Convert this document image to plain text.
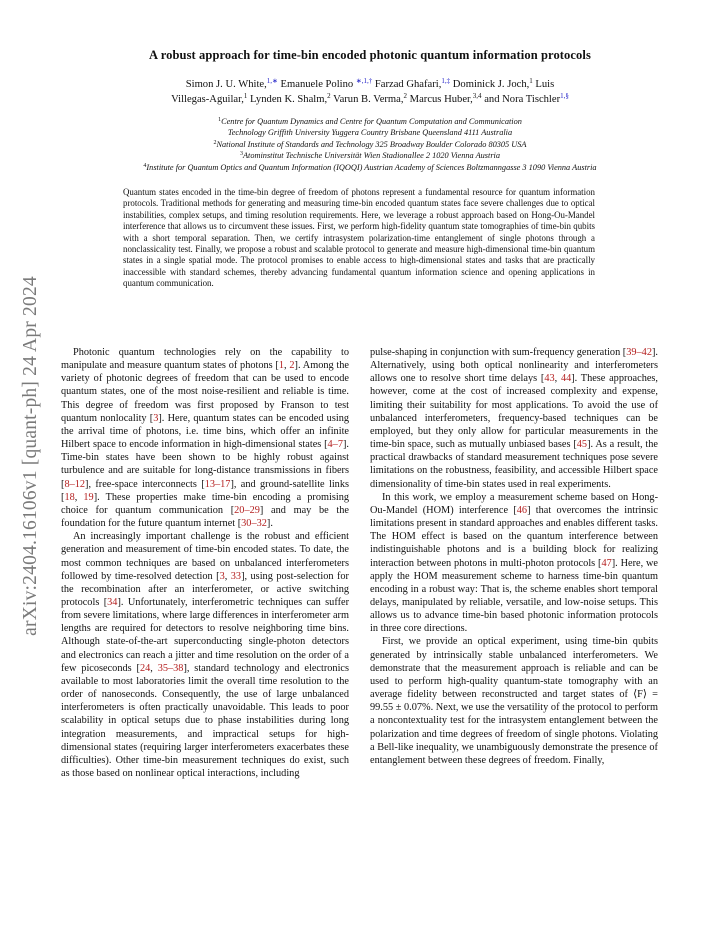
arXiv:2404.16106v1 [quant-ph] 24 Apr 2024
A robust approach for time-bin encoded photonic quantum information protocols
Simon J. U. White,$^{1,∗}$ Emanuele Polino $^{∗,1,\dagger}$ Farzad Ghafari,$^{1,\ddagger}$ Dominick J. Joch,$^1$ Luis
Villegas-Aguilar,$^1$ Lynden K. Shalm,$^2$ Varun B. Verma,$^2$ Marcus Huber,$^{3,4}$ and Nora Tischler$^{1,\S}$
$^1$Centre for Quantum Dynamics and Centre for Quantum Computation and Communication
Technology Griffith University Yuggera Country Brisbane Queensland 4111 Australia
$^2$National Institute of Standards and Technology 325 Broadway Boulder Colorado 80305 USA
$^3$Atominstitut Technische Universität Wien Stadionallee 2 1020 Vienna Austria
$^4$Institute for Quantum Optics and Quantum Information (IQOQI) Austrian Academy of Sciences Boltzmanngasse 3 1090 Vienna Austria
Quantum states encoded in the time-bin degree of freedom of photons represent a fundamental resource for quantum information protocols. Traditional methods for generating and measuring time-bin encoded quantum states face severe challenges due to optical instabilities, complex setups, and timing resolution requirements. Here, we leverage a robust approach based on Hong-Ou-Mandel interference that allows us to circumvent these issues. First, we perform high-fidelity quantum state tomographies of time-bin qubits with a short temporal separation. Then, we certify intrasystem polarization-time entanglement of single photons through a nonclassicality test. Finally, we propose a robust and scalable protocol to generate and measure high-dimensional time-bin quantum states in a single spatial mode. The protocol promises to enable access to high-dimensional states and tasks that are practically inaccessible with standard schemes, thereby advancing fundamental quantum information science and opening applications in quantum communication.

Photonic quantum technologies rely on the capability to manipulate and measure quantum states of photons [1, 2]. Among the variety of photonic degrees of freedom that can be used to encode quantum states, one of the most noise-resilient and reliable is time. This degree of freedom was first proposed by Franson to test quantum nonlocality [3]. Here, quantum states can be encoded using the arrival time of photons, i.e. time bins, which offer an infinite Hilbert space to encode information in high-dimensional states [4–7]. Time-bin states have been shown to be highly robust against turbulence and are suitable for long-distance transmissions in fibers [8–12], free-space interconnects [13–17], and ground-satellite links [18, 19]. These properties make time-bin encoding a promising choice for quantum communication [20–29] and may be the foundation for the future quantum internet [30–32].

An increasingly important challenge is the robust and efficient generation and measurement of time-bin encoded states. To date, the most common techniques are based on unbalanced interferometers followed by time-resolved detection [3, 33], using post-selection for the recombination after an interferometer, or active switching protocols [34]. Unfortunately, interferometric techniques can suffer from severe limitations, where large differences in interferometer arm lengths are required for detectors to resolve neighboring time bins. Although state-of-the-art superconducting single-photon detectors and electronics can reach a jitter and time resolution on the order of a few picoseconds [24, 35–38], standard technology and electronics available to most laboratories limit the overall time resolution to the order of nanoseconds. Consequently, the use of large unbalanced interferometers is often practically unavoidable. This leads to poor scalability in optical setups due to phase instabilities during long integration measurements, and impractical setups for high-dimensional states (requiring larger interferometers exacerbates these difficulties). Other time-bin measurement techniques do exist, such as those based on nonlinear optical interactions, including

pulse-shaping in conjunction with sum-frequency generation [39–42]. Alternatively, using both optical nonlinearity and interferometers allows one to resolve short time delays [43, 44]. These approaches, however, come at the cost of increased complexity and expense, limiting their suitability for most applications. To avoid the use of unbalanced interferometers, frequency-based techniques can be employed, but they only allow for particular measurements in the time-bin space, such as mutually unbiased bases [45]. As a result, the practical drawbacks of standard measurement techniques pose severe limitations on the robustness, feasibility, and accessible Hilbert space dimensionality of time-bin states used in real experiments.

In this work, we employ a measurement scheme based on Hong-Ou-Mandel (HOM) interference [46] that overcomes the intrinsic limitations present in standard approaches and enables different tasks. The HOM effect is based on the quantum interference between indistinguishable photons and is a building block for realizing interaction between photons in multi-photon protocols [47]. Here, we apply the HOM measurement scheme to harness time-bin quantum encoding in a robust way: That is, the scheme enables short temporal delays, manipulated by reliable, versatile, and low-noise setups. This allows us to advance time-bin based photonic information protocols in three core directions.

First, we provide an optical experiment, using time-bin qubits generated by intrinsically stable unbalanced interferometers. We demonstrate that the measurement approach is reliable and can be used to perform high-quality quantum-state tomography with an average fidelity between reconstructed and target states of ⟨F⟩ = 99.55 ± 0.07%. Next, we use the versatility of the protocol to perform a noncontextuality test for the intrasystem entanglement between the polarization and time degrees of freedom of single photons. Violating a Bell-like inequality, we unambiguously demonstrate the presence of entanglement between these degrees of freedom. Finally,
